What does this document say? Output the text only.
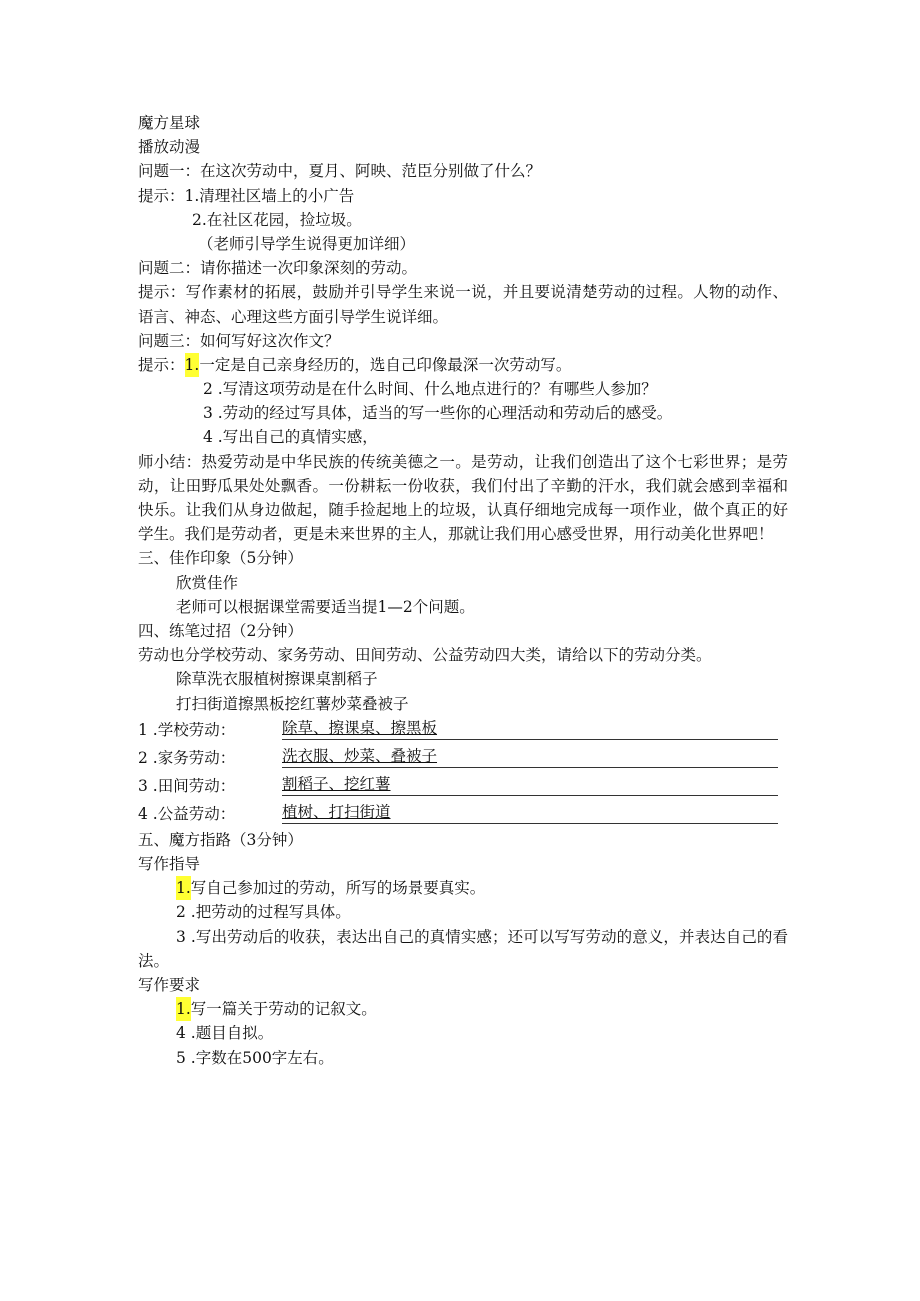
魔方星球
播放动漫
问题一：在这次劳动中，夏月、阿映、范臣分别做了什么？
提示：1.清理社区墙上的小广告
2.在社区花园，捡垃圾。
（老师引导学生说得更加详细）
问题二：请你描述一次印象深刻的劳动。
提示：写作素材的拓展，鼓励并引导学生来说一说，并且要说清楚劳动的过程。人物的动作、语言、神态、心理这些方面引导学生说详细。
问题三：如何写好这次作文？
提示：1.一定是自己亲身经历的，选自己印像最深一次劳动写。
2 .写清这项劳动是在什么时间、什么地点进行的？有哪些人参加？
3 .劳动的经过写具体，适当的写一些你的心理活动和劳动后的感受。
4 .写出自己的真情实感，
师小结：热爱劳动是中华民族的传统美德之一。是劳动，让我们创造出了这个七彩世界；是劳动，让田野瓜果处处飘香。一份耕耘一份收获，我们付出了辛勤的汗水，我们就会感到幸福和快乐。让我们从身边做起，随手捡起地上的垃圾，认真仔细地完成每一项作业，做个真正的好学生。我们是劳动者，更是未来世界的主人，那就让我们用心感受世界，用行动美化世界吧！
三、佳作印象（5分钟）
欣赏佳作
老师可以根据课堂需要适当提1—2个问题。
四、练笔过招（2分钟）
劳动也分学校劳动、家务劳动、田间劳动、公益劳动四大类，请给以下的劳动分类。
除草洗衣服植树擦课桌割稻子
打扫街道擦黑板挖红薯炒菜叠被子
1 .学校劳动：	除草、擦课桌、擦黑板
2 .家务劳动：	洗衣服、炒菜、叠被子
3 .田间劳动：	割稻子、挖红薯
4 .公益劳动：	植树、打扫街道
五、魔方指路（3分钟）
写作指导
1.写自己参加过的劳动，所写的场景要真实。
2 .把劳动的过程写具体。
3 .写出劳动后的收获，表达出自己的真情实感；还可以写写劳动的意义，并表达自己的看法。
写作要求
1.写一篇关于劳动的记叙文。
4 .题目自拟。
5 .字数在500字左右。
